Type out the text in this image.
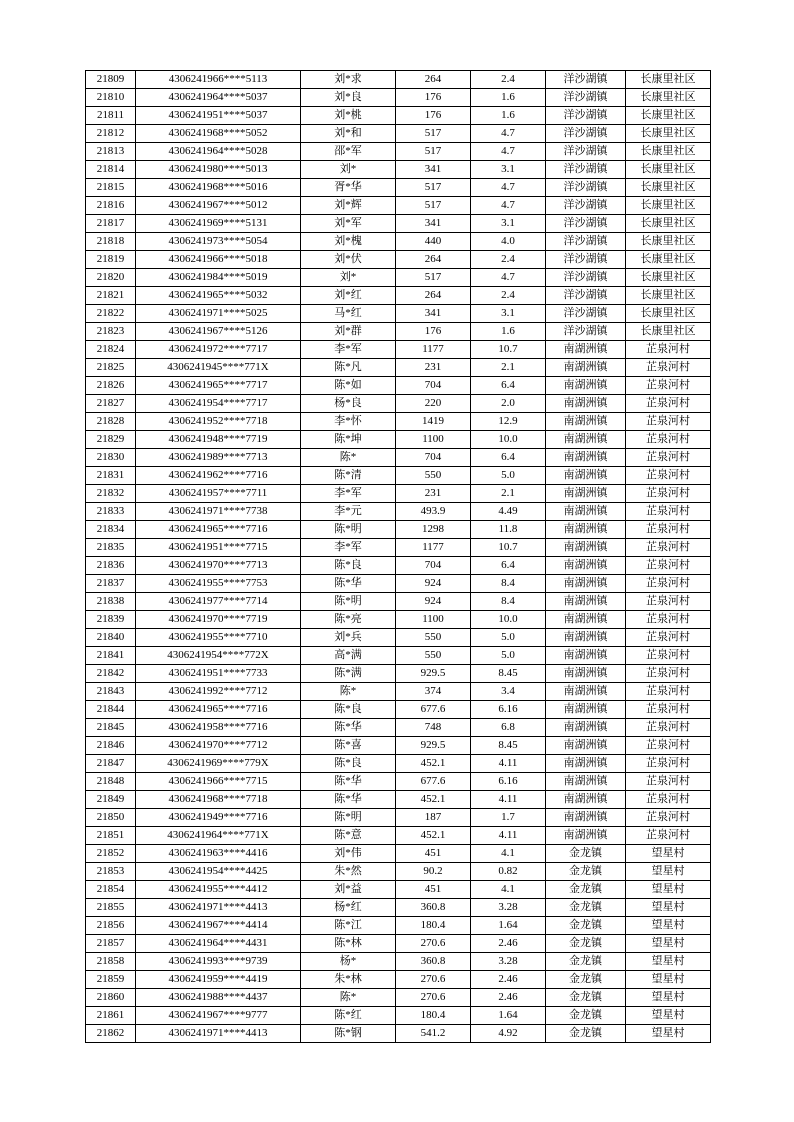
21809	4306241966****5113	刘*求	264	2.4	洋沙湖镇	长康里社区
21810	4306241964****5037	刘*良	176	1.6	洋沙湖镇	长康里社区
21811	4306241951****5037	刘*桃	176	1.6	洋沙湖镇	长康里社区
21812	4306241968****5052	刘*和	517	4.7	洋沙湖镇	长康里社区
21813	4306241964****5028	邵*军	517	4.7	洋沙湖镇	长康里社区
21814	4306241980****5013	刘*	341	3.1	洋沙湖镇	长康里社区
21815	4306241968****5016	胥*华	517	4.7	洋沙湖镇	长康里社区
21816	4306241967****5012	刘*辉	517	4.7	洋沙湖镇	长康里社区
21817	4306241969****5131	刘*军	341	3.1	洋沙湖镇	长康里社区
21818	4306241973****5054	刘*槐	440	4.0	洋沙湖镇	长康里社区
21819	4306241966****5018	刘*伏	264	2.4	洋沙湖镇	长康里社区
21820	4306241984****5019	刘*	517	4.7	洋沙湖镇	长康里社区
21821	4306241965****5032	刘*红	264	2.4	洋沙湖镇	长康里社区
21822	4306241971****5025	马*红	341	3.1	洋沙湖镇	长康里社区
21823	4306241967****5126	刘*群	176	1.6	洋沙湖镇	长康里社区
21824	4306241972****7717	李*军	1177	10.7	南湖洲镇	芷泉河村
21825	4306241945****771X	陈*凡	231	2.1	南湖洲镇	芷泉河村
21826	4306241965****7717	陈*如	704	6.4	南湖洲镇	芷泉河村
21827	4306241954****7717	杨*良	220	2.0	南湖洲镇	芷泉河村
21828	4306241952****7718	李*怀	1419	12.9	南湖洲镇	芷泉河村
21829	4306241948****7719	陈*坤	1100	10.0	南湖洲镇	芷泉河村
21830	4306241989****7713	陈*	704	6.4	南湖洲镇	芷泉河村
21831	4306241962****7716	陈*清	550	5.0	南湖洲镇	芷泉河村
21832	4306241957****7711	李*军	231	2.1	南湖洲镇	芷泉河村
21833	4306241971****7738	李*元	493.9	4.49	南湖洲镇	芷泉河村
21834	4306241965****7716	陈*明	1298	11.8	南湖洲镇	芷泉河村
21835	4306241951****7715	李*军	1177	10.7	南湖洲镇	芷泉河村
21836	4306241970****7713	陈*良	704	6.4	南湖洲镇	芷泉河村
21837	4306241955****7753	陈*华	924	8.4	南湖洲镇	芷泉河村
21838	4306241977****7714	陈*明	924	8.4	南湖洲镇	芷泉河村
21839	4306241970****7719	陈*亮	1100	10.0	南湖洲镇	芷泉河村
21840	4306241955****7710	刘*兵	550	5.0	南湖洲镇	芷泉河村
21841	4306241954****772X	高*满	550	5.0	南湖洲镇	芷泉河村
21842	4306241951****7733	陈*满	929.5	8.45	南湖洲镇	芷泉河村
21843	4306241992****7712	陈*	374	3.4	南湖洲镇	芷泉河村
21844	4306241965****7716	陈*良	677.6	6.16	南湖洲镇	芷泉河村
21845	4306241958****7716	陈*华	748	6.8	南湖洲镇	芷泉河村
21846	4306241970****7712	陈*喜	929.5	8.45	南湖洲镇	芷泉河村
21847	4306241969****779X	陈*良	452.1	4.11	南湖洲镇	芷泉河村
21848	4306241966****7715	陈*华	677.6	6.16	南湖洲镇	芷泉河村
21849	4306241968****7718	陈*华	452.1	4.11	南湖洲镇	芷泉河村
21850	4306241949****7716	陈*明	187	1.7	南湖洲镇	芷泉河村
21851	4306241964****771X	陈*意	452.1	4.11	南湖洲镇	芷泉河村
21852	4306241963****4416	刘*伟	451	4.1	金龙镇	望星村
21853	4306241954****4425	朱*然	90.2	0.82	金龙镇	望星村
21854	4306241955****4412	刘*益	451	4.1	金龙镇	望星村
21855	4306241971****4413	杨*红	360.8	3.28	金龙镇	望星村
21856	4306241967****4414	陈*江	180.4	1.64	金龙镇	望星村
21857	4306241964****4431	陈*林	270.6	2.46	金龙镇	望星村
21858	4306241993****9739	杨*	360.8	3.28	金龙镇	望星村
21859	4306241959****4419	朱*林	270.6	2.46	金龙镇	望星村
21860	4306241988****4437	陈*	270.6	2.46	金龙镇	望星村
21861	4306241967****9777	陈*红	180.4	1.64	金龙镇	望星村
21862	4306241971****4413	陈*钢	541.2	4.92	金龙镇	望星村
